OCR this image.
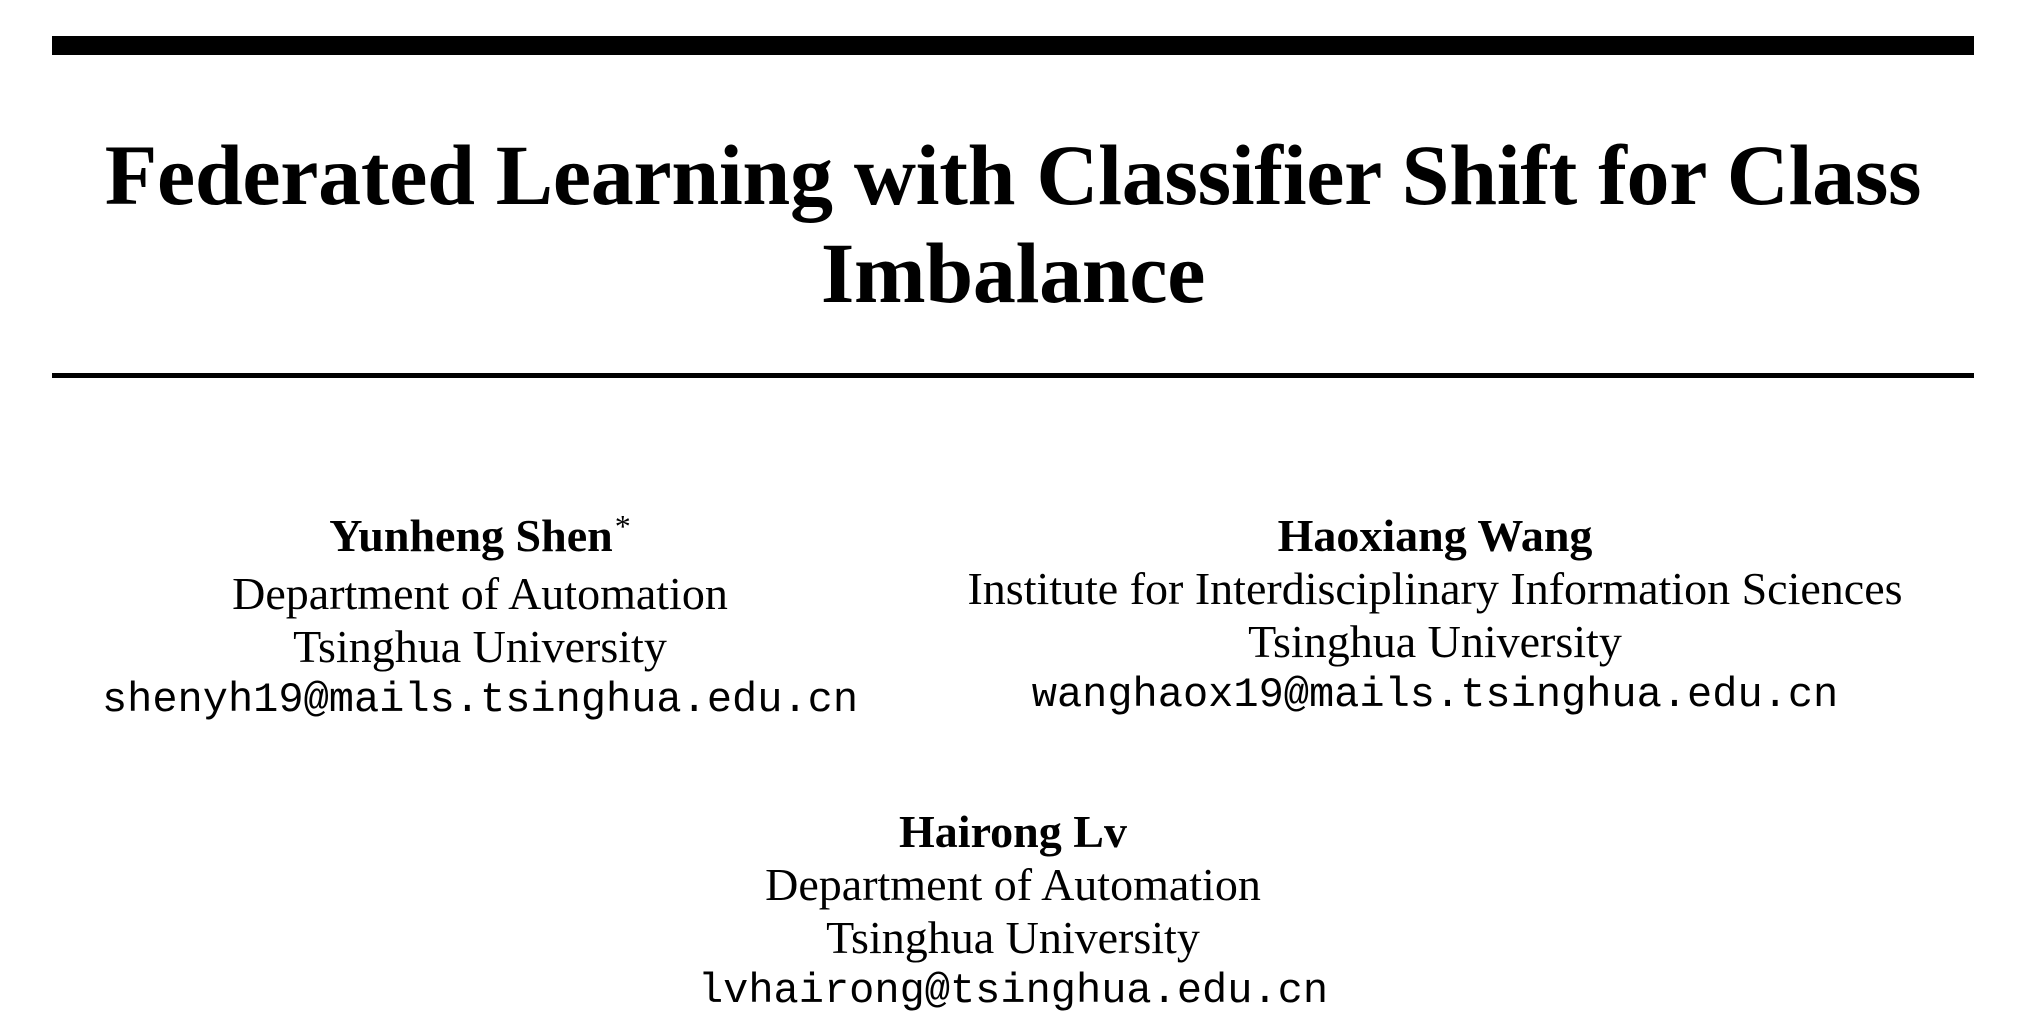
Federated Learning with Classifier Shift for Class Imbalance
Yunheng Shen*
Department of Automation
Tsinghua University
shenyh19@mails.tsinghua.edu.cn
Haoxiang Wang
Institute for Interdisciplinary Information Sciences
Tsinghua University
wanghaox19@mails.tsinghua.edu.cn
Hairong Lv
Department of Automation
Tsinghua University
lvhairong@tsinghua.edu.cn
